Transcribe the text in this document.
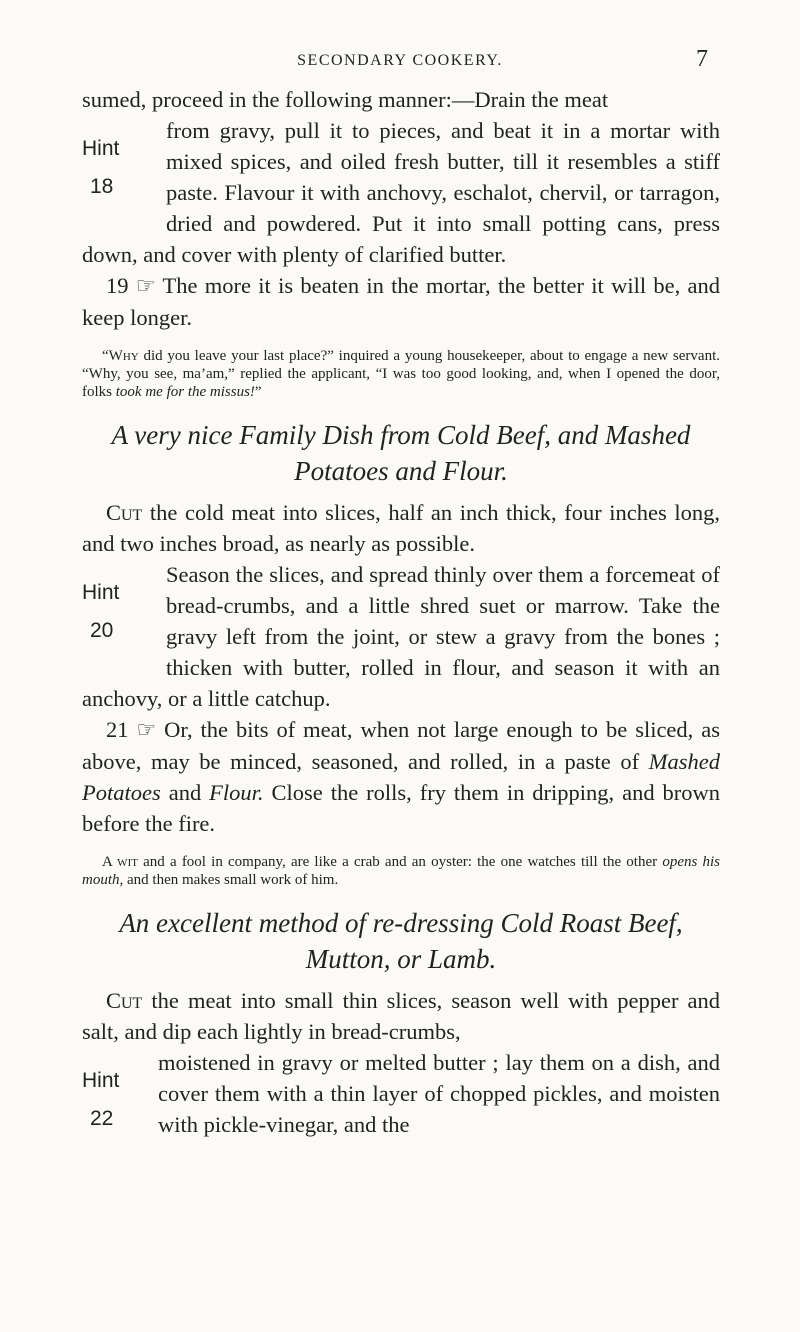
SECONDARY COOKERY.	7

sumed, proceed in the following manner:—Drain the meat

Hint
18

from gravy, pull it to pieces, and beat it in a mortar with mixed spices, and oiled fresh butter, till it resembles a stiff paste. Flavour it with anchovy, eschalot, chervil, or tarragon, dried and powdered. Put it into small potting cans, press down, and cover with plenty of clarified butter.

19 ☞ The more it is beaten in the mortar, the better it will be, and keep longer.

“Why did you leave your last place?” inquired a young housekeeper, about to engage a new servant. “Why, you see, ma’am,” replied the applicant, “I was too good looking, and, when I opened the door, folks took me for the missus!”

A very nice Family Dish from Cold Beef, and Mashed
Potatoes and Flour.

Cut the cold meat into slices, half an inch thick, four inches long, and two inches broad, as nearly as possible.

Hint
20

Season the slices, and spread thinly over them a forcemeat of bread-crumbs, and a little shred suet or marrow. Take the gravy left from the joint, or stew a gravy from the bones ; thicken with butter, rolled in flour, and season it with an anchovy, or a little catchup.

21 ☞ Or, the bits of meat, when not large enough to be sliced, as above, may be minced, seasoned, and rolled, in a paste of Mashed Potatoes and Flour. Close the rolls, fry them in dripping, and brown before the fire.

A wit and a fool in company, are like a crab and an oyster: the one watches till the other opens his mouth, and then makes small work of him.

An excellent method of re-dressing Cold Roast Beef,
Mutton, or Lamb.

Cut the meat into small thin slices, season well with pepper and salt, and dip each lightly in bread-crumbs,

Hint
22

moistened in gravy or melted butter ; lay them on a dish, and cover them with a thin layer of chopped pickles, and moisten with pickle-vinegar, and the
